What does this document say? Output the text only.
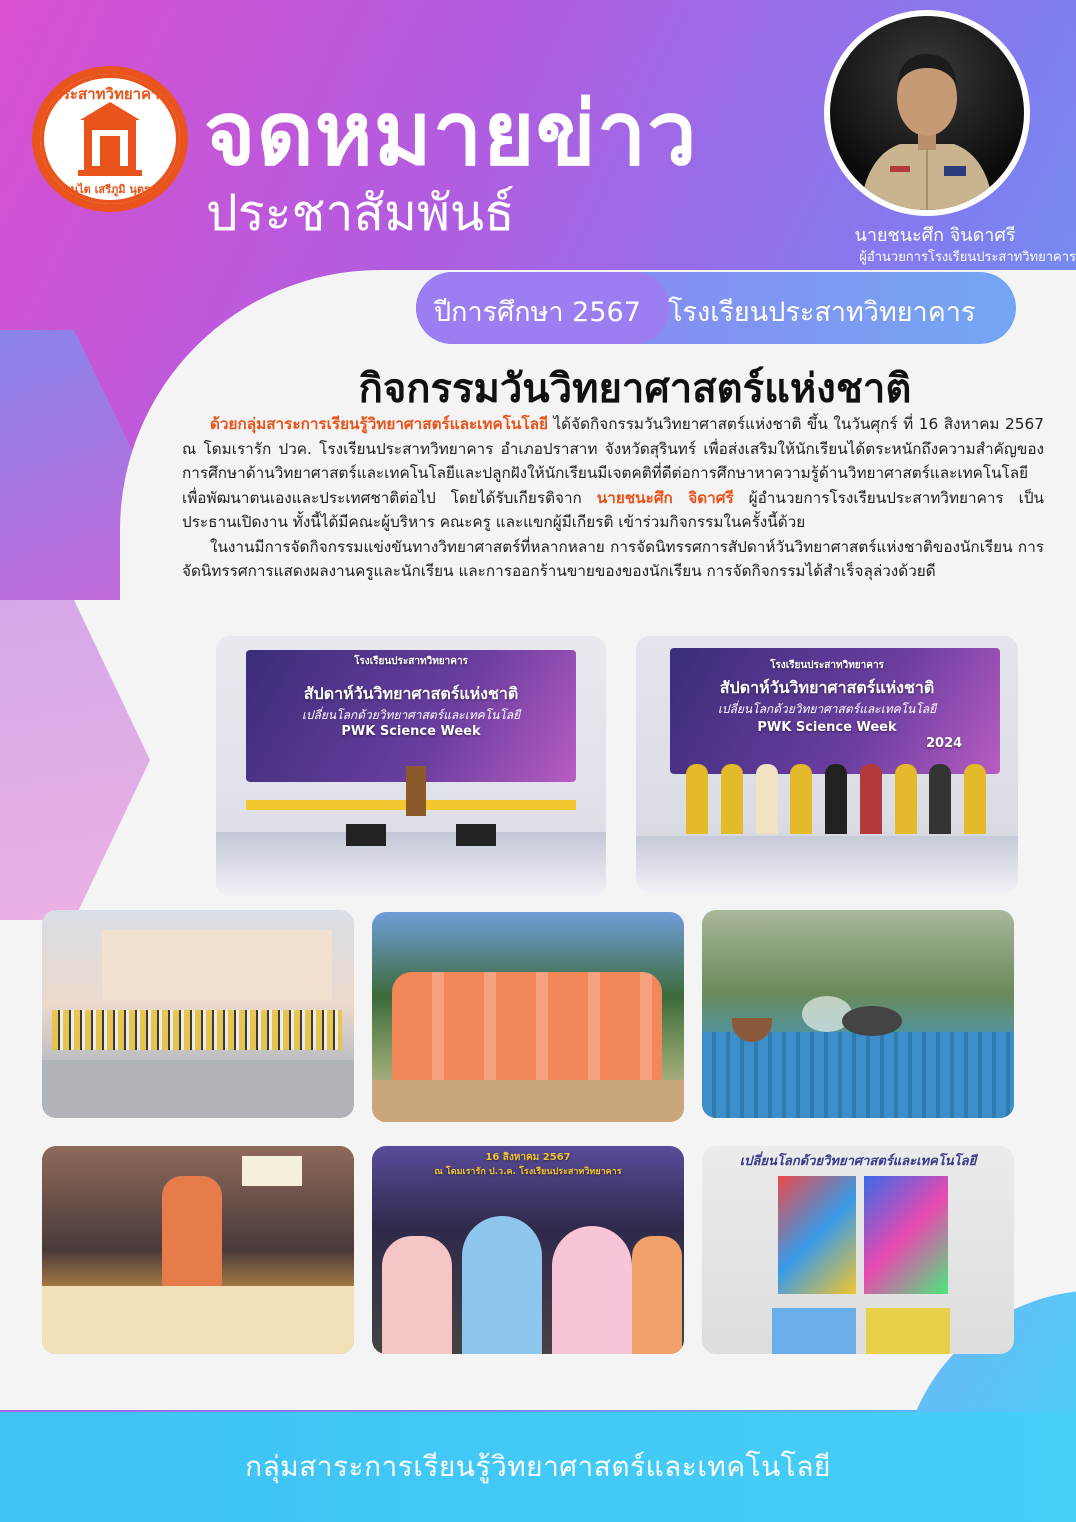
ประสาทวิทยาคาร
ทนไต เสรีภูมิ นุตรสุ
จดหมายข่าว
ประชาสัมพันธ์	นายชนะศึก จินดาศรี
ผู้อำนวยการโรงเรียนประสาทวิทยาคาร
ปีการศึกษา 2567 โรงเรียนประสาทวิทยาคาร
กิจกรรมวันวิทยาศาสตร์แห่งชาติ

ด้วยกลุ่มสาระการเรียนรู้วิทยาศาสตร์และเทคโนโลยี ได้จัดกิจกรรมวันวิทยาศาสตร์แห่งชาติ ขึ้น ในวันศุกร์ ที่ 16 สิงหาคม 2567 ณ โดมเรารัก ปวค. โรงเรียนประสาทวิทยาคาร อำเภอปราสาท จังหวัดสุรินทร์ เพื่อส่งเสริมให้นักเรียนได้ตระหนักถึงความสำคัญของการศึกษาด้านวิทยาศาสตร์และเทคโนโลยีและปลูกฝังให้นักเรียนมีเจตคติที่ดีต่อการศึกษาหาความรู้ด้านวิทยาศาสตร์และเทคโนโลยี เพื่อพัฒนาตนเองและประเทศชาติต่อไป โดยได้รับเกียรติจาก นายชนะศึก จิดาศรี ผู้อำนวยการโรงเรียนประสาทวิทยาคาร เป็นประธานเปิดงาน ทั้งนี้ได้มีคณะผู้บริหาร คณะครู และแขกผู้มีเกียรติ เข้าร่วมกิจกรรมในครั้งนี้ด้วย

ในงานมีการจัดกิจกรรมแข่งขันทางวิทยาศาสตร์ที่หลากหลาย การจัดนิทรรศการสัปดาห์วันวิทยาศาสตร์แห่งชาติของนักเรียน การจัดนิทรรศการแสดงผลงานครูและนักเรียน และการออกร้านขายของของนักเรียน การจัดกิจกรรมได้สำเร็จลุล่วงด้วยดี

โรงเรียนประสาทวิทยาคาร
สัปดาห์วันวิทยาศาสตร์แห่งชาติ
เปลี่ยนโลกด้วยวิทยาศาสตร์และเทคโนโลยี
PWK Science Week
โรงเรียนประสาทวิทยาคาร
สัปดาห์วันวิทยาศาสตร์แห่งชาติ
เปลี่ยนโลกด้วยวิทยาศาสตร์และเทคโนโลยี
PWK Science Week
2024
16 สิงหาคม 2567
ณ โดมเรารัก ป.ว.ค. โรงเรียนประสาทวิทยาคาร
เปลี่ยนโลกด้วยวิทยาศาสตร์และเทคโนโลยี
กลุ่มสาระการเรียนรู้วิทยาศาสตร์และเทคโนโลยี
